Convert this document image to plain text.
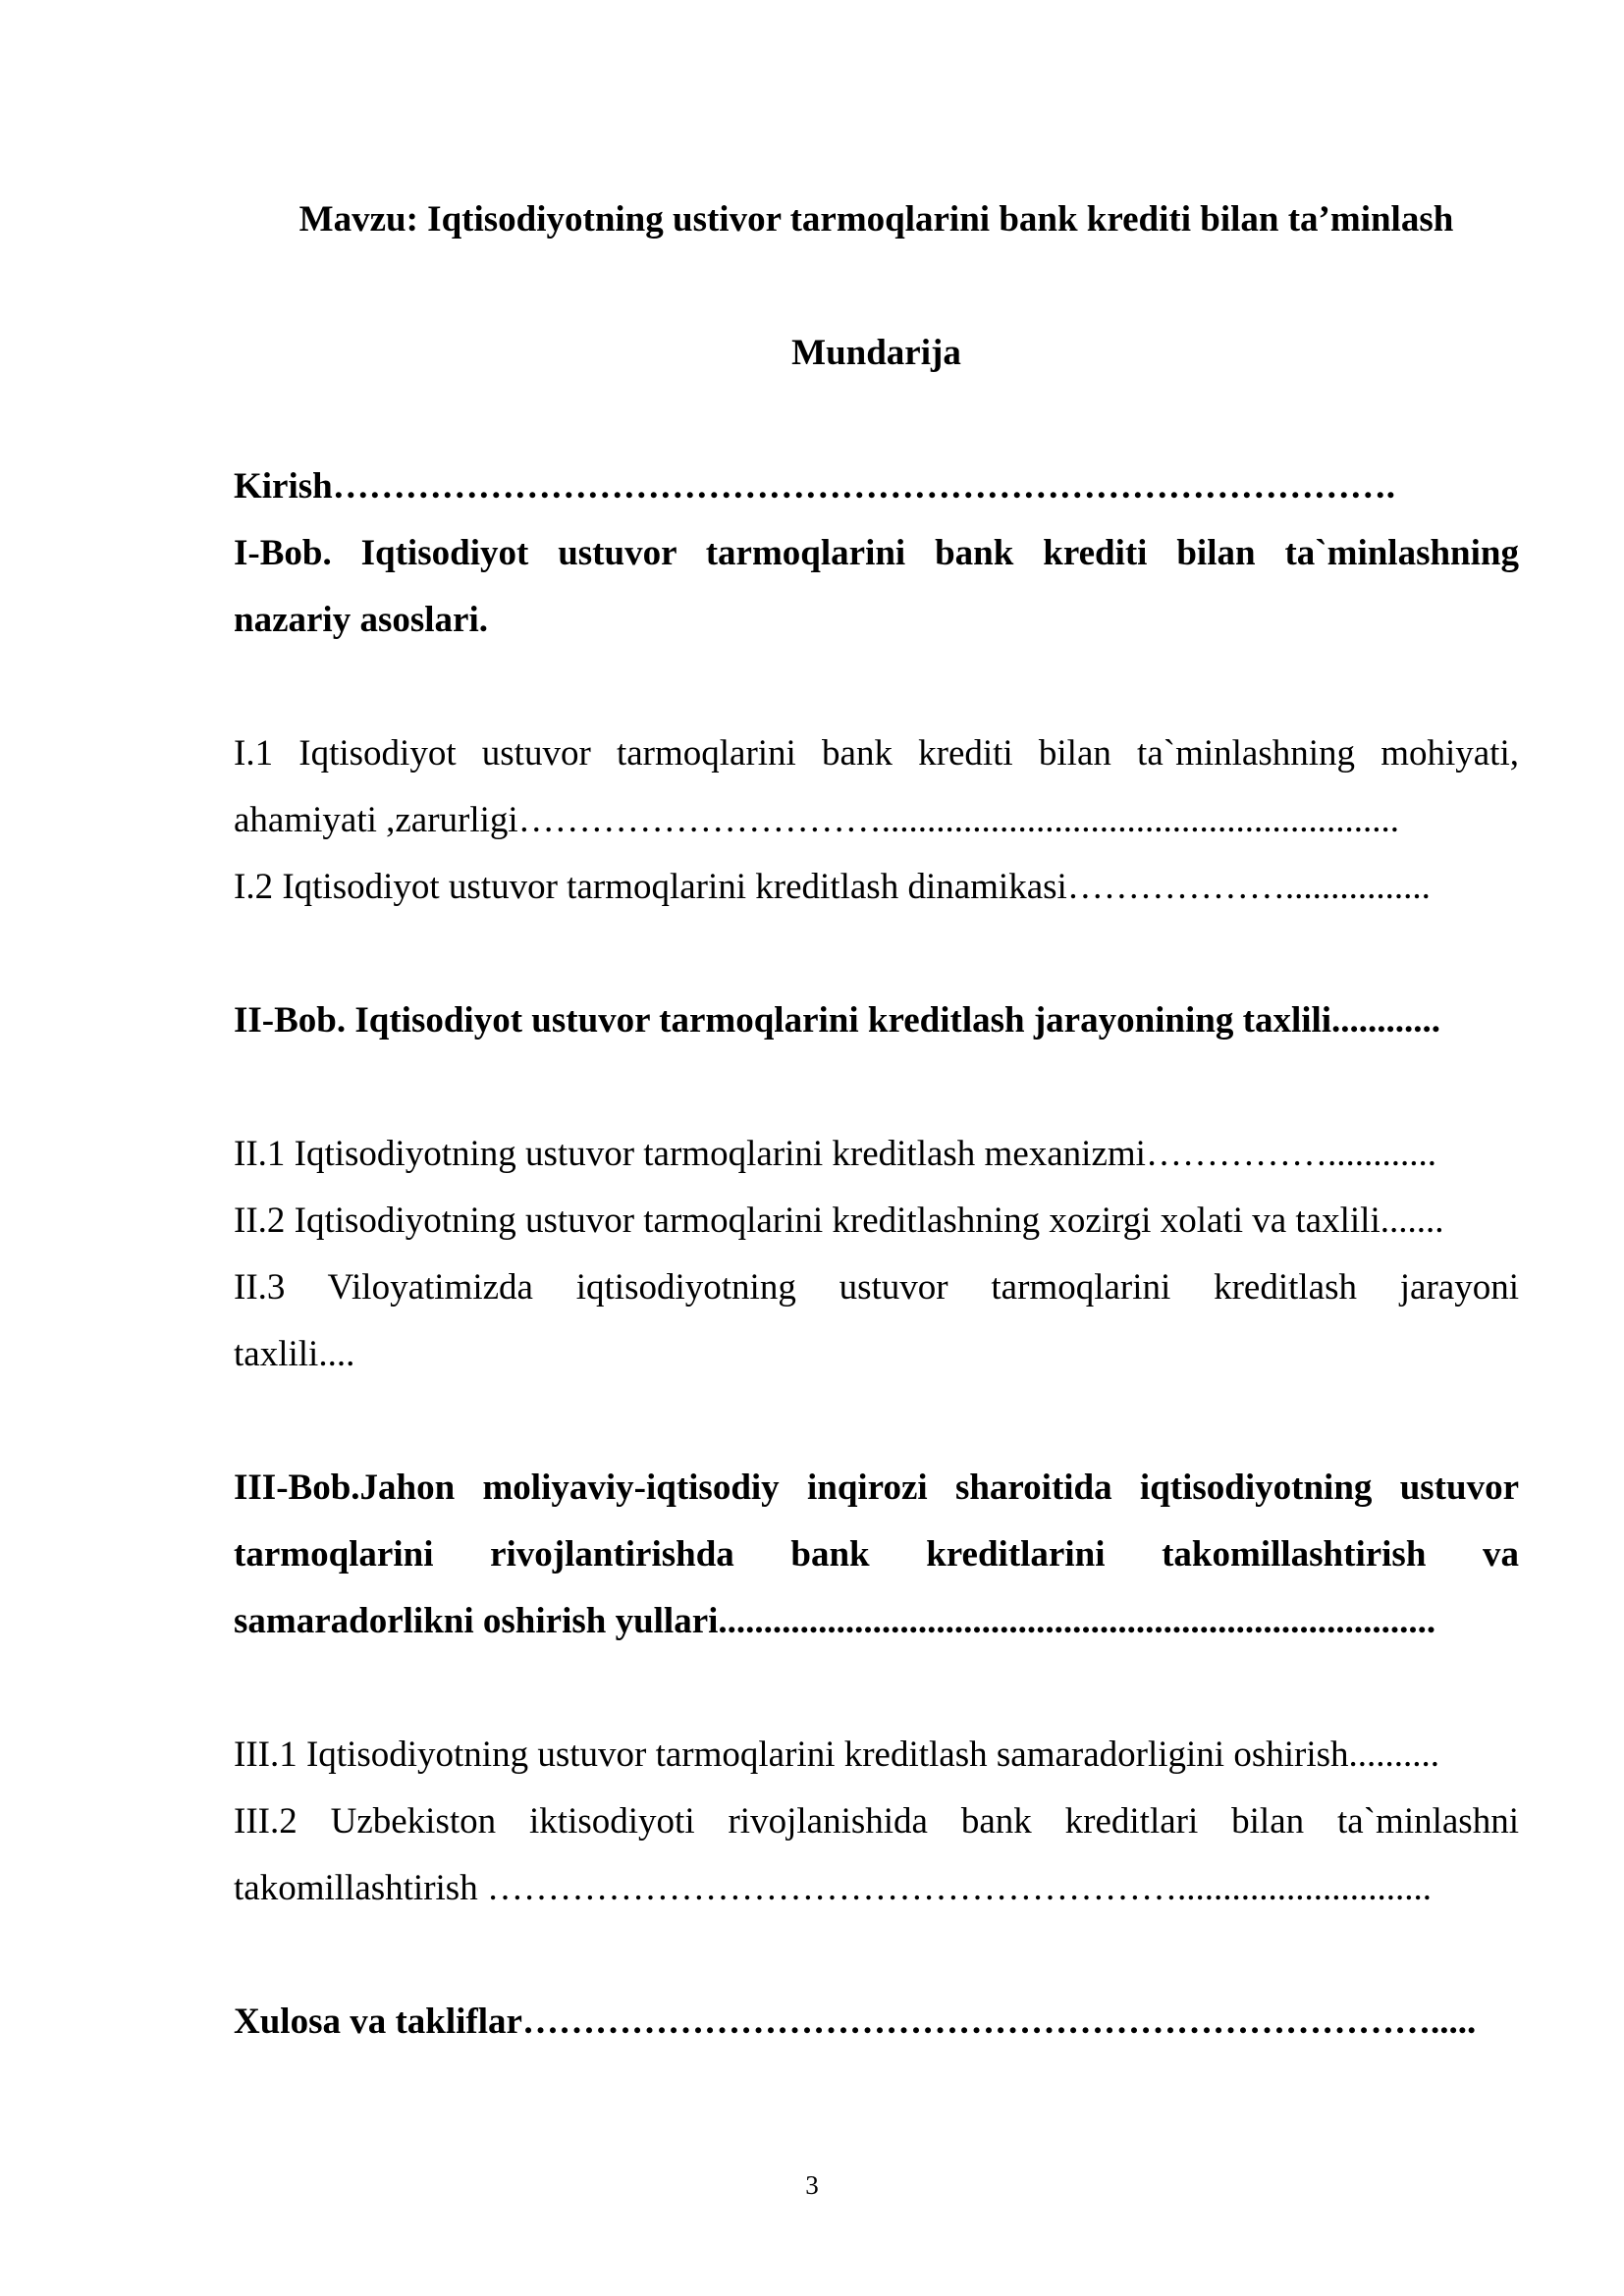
Mavzu: Iqtisodiyotning ustivor tarmoqlarini bank krediti bilan ta’minlash
Mundarija
Kirish…………………………………………………………………………….
I-Bob. Iqtisodiyot ustuvor tarmoqlarini bank krediti bilan ta`minlashning
nazariy asoslari.
I.1 Iqtisodiyot ustuvor tarmoqlarini bank krediti bilan ta`minlashning mohiyati,
ahamiyati ,zarurligi………………………….........................................................
I.2 Iqtisodiyot ustuvor tarmoqlarini kreditlash dinamikasi………………................
II-Bob. Iqtisodiyot ustuvor tarmoqlarini kreditlash jarayonining taxlili............
II.1 Iqtisodiyotning ustuvor tarmoqlarini kreditlash mexanizmi……………............
II.2 Iqtisodiyotning ustuvor tarmoqlarini kreditlashning xozirgi xolati va taxlili.......
II.3 Viloyatimizda iqtisodiyotning ustuvor tarmoqlarini kreditlash jarayoni
taxlili....
III-Bob.Jahon moliyaviy-iqtisodiy inqirozi sharoitida iqtisodiyotning ustuvor
tarmoqlarini rivojlantirishda bank kreditlarini takomillashtirish va
samaradorlikni oshirish yullari...............................................................................
III.1 Iqtisodiyotning ustuvor tarmoqlarini kreditlash samaradorligini oshirish..........
III.2 Uzbekiston iktisodiyoti rivojlanishida bank kreditlari bilan ta`minlashni
takomillashtirish …………………………………………………............................
Xulosa va takliflar………………………………………………………………….....
3
